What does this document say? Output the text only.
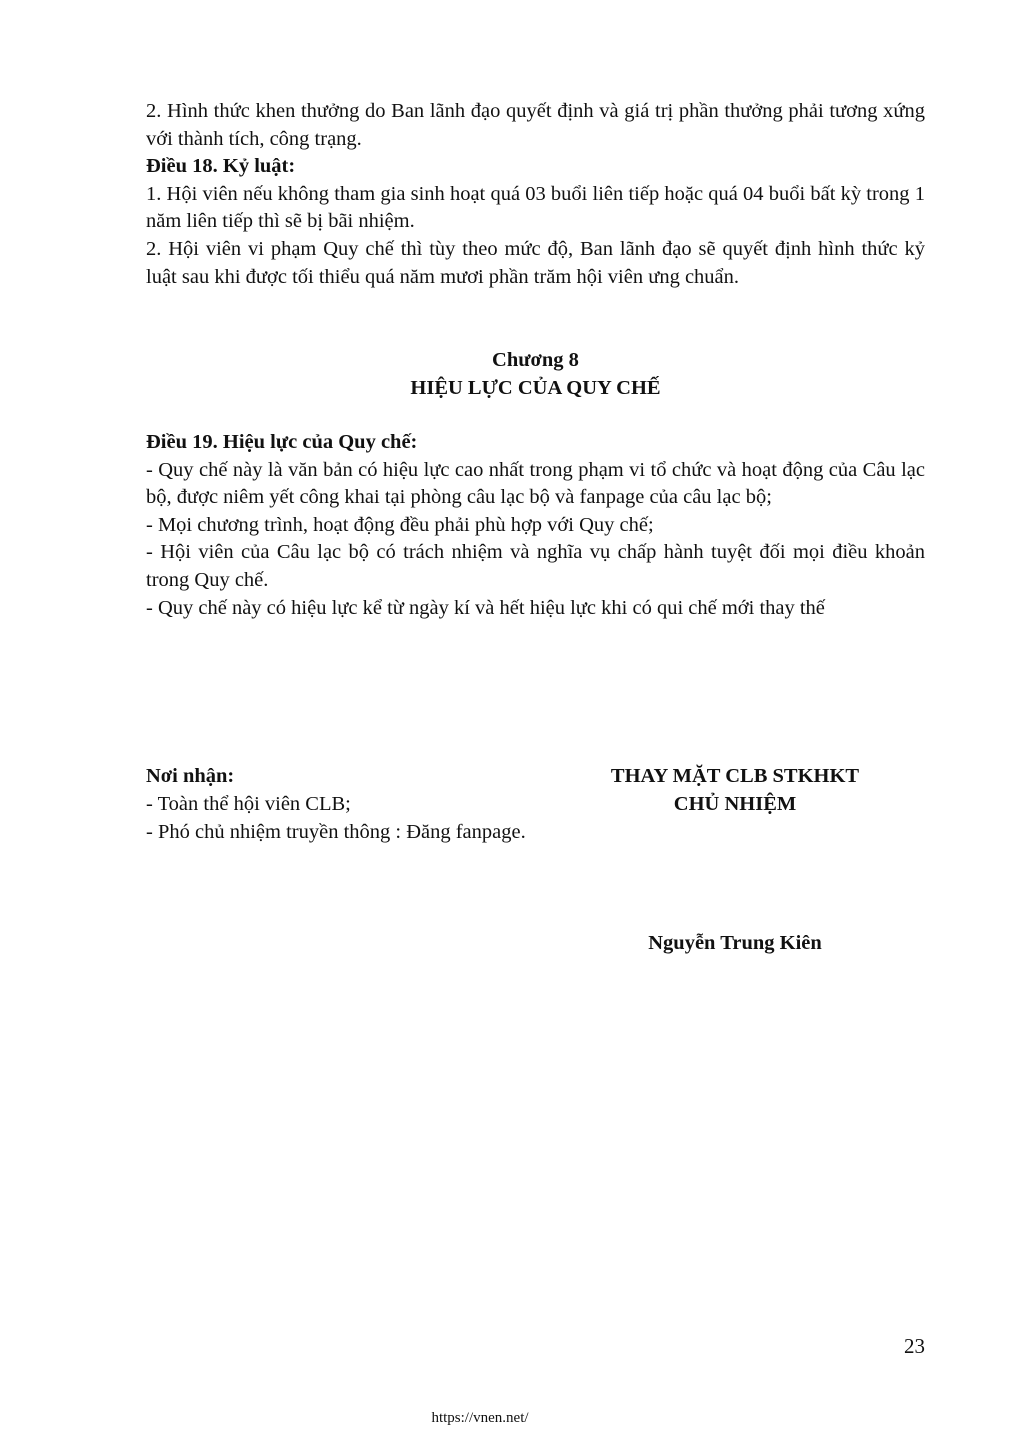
2. Hình thức khen thưởng do Ban lãnh đạo quyết định và giá trị phần thưởng phải tương xứng với thành tích, công trạng.

Điều 18. Kỷ luật:

1. Hội viên nếu không tham gia sinh hoạt quá 03 buổi liên tiếp hoặc quá 04 buổi bất kỳ trong 1 năm liên tiếp thì sẽ bị bãi nhiệm.

2. Hội viên vi phạm Quy chế thì tùy theo mức độ, Ban lãnh đạo sẽ quyết định hình thức kỷ luật sau khi được tối thiểu quá năm mươi phần trăm hội viên ưng chuẩn.

Chương 8
HIỆU LỰC CỦA QUY CHẾ

Điều 19. Hiệu lực của Quy chế:

- Quy chế này là văn bản có hiệu lực cao nhất trong phạm vi tổ chức và hoạt động của Câu lạc bộ, được niêm yết công khai tại phòng câu lạc bộ và fanpage của câu lạc bộ;

- Mọi chương trình, hoạt động đều phải phù hợp với Quy chế;

- Hội viên của Câu lạc bộ có trách nhiệm và nghĩa vụ chấp hành tuyệt đối mọi điều khoản trong Quy chế.

- Quy chế này có hiệu lực kể từ ngày kí và hết hiệu lực khi có qui chế mới thay thế

Nơi nhận:

- Toàn thể hội viên CLB;

- Phó chủ nhiệm truyền thông : Đăng fanpage.

THAY MẶT CLB STKHKT
CHỦ NHIỆM
Nguyễn Trung Kiên
23
https://vnen.net/
